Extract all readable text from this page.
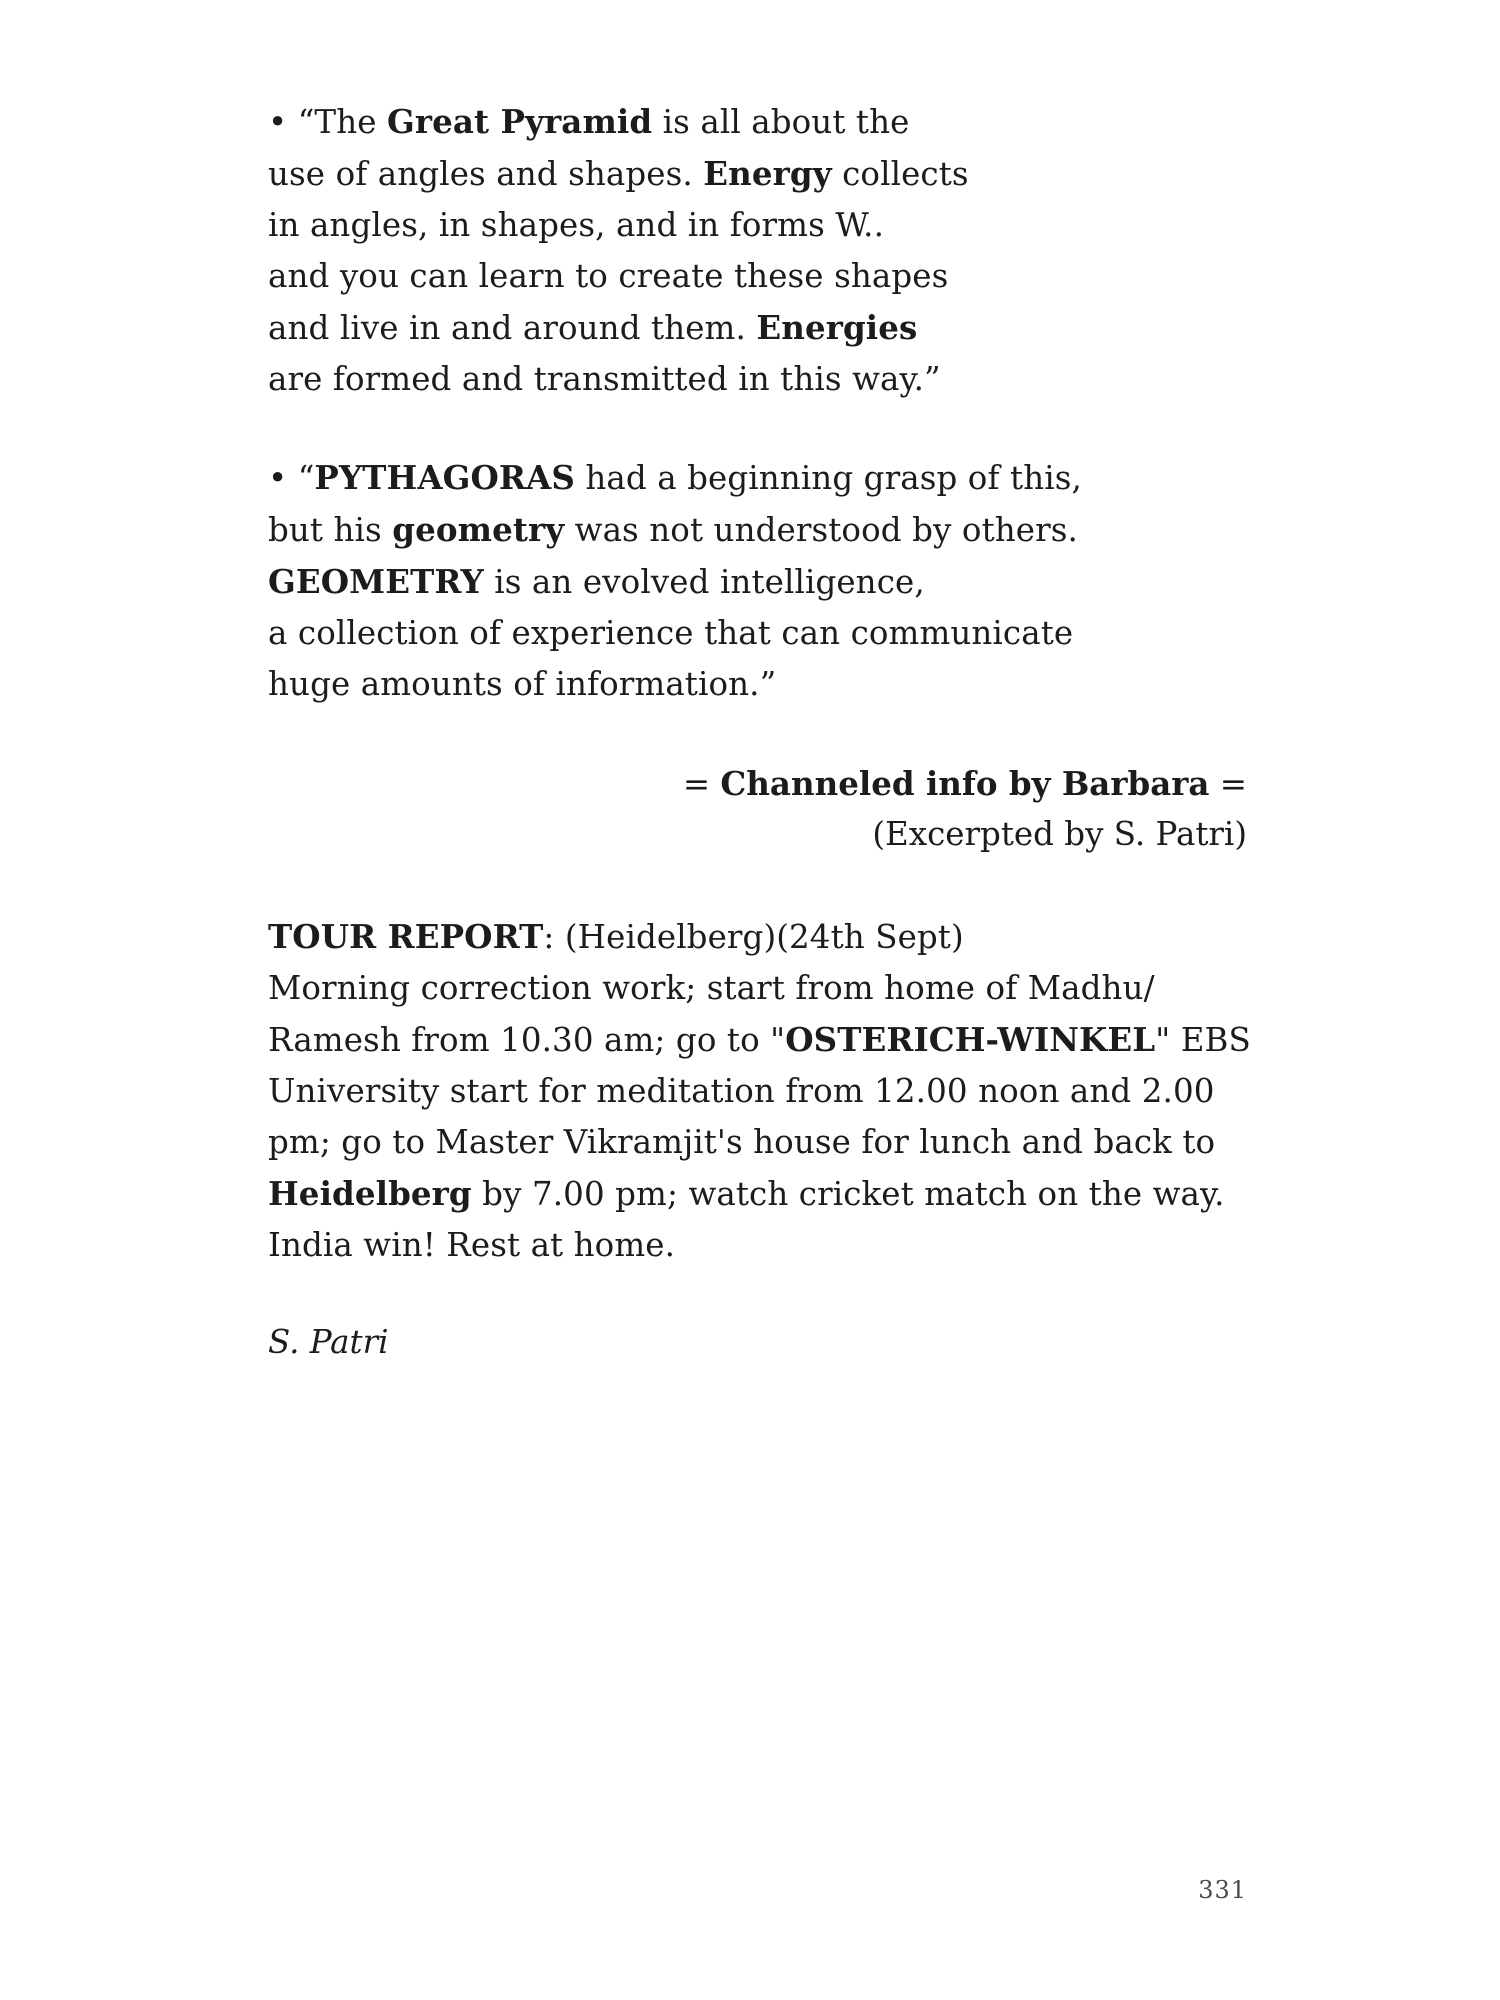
• “The Great Pyramid is all about the
use of angles and shapes. Energy collects
in angles, in shapes, and in forms W..
and you can learn to create these shapes
and live in and around them. Energies
are formed and transmitted in this way.”
• “PYTHAGORAS had a beginning grasp of this,
but his geometry was not understood by others.
GEOMETRY is an evolved intelligence,
a collection of experience that can communicate
huge amounts of information.”
= Channeled info by Barbara =
(Excerpted by S. Patri)
TOUR REPORT: (Heidelberg)(24th Sept)
Morning correction work; start from home of Madhu/
Ramesh from 10.30 am; go to "OSTERICH-WINKEL" EBS
University start for meditation from 12.00 noon and 2.00
pm; go to Master Vikramjit's house for lunch and back to
Heidelberg by 7.00 pm; watch cricket match on the way.
India win! Rest at home.
S. Patri
331
